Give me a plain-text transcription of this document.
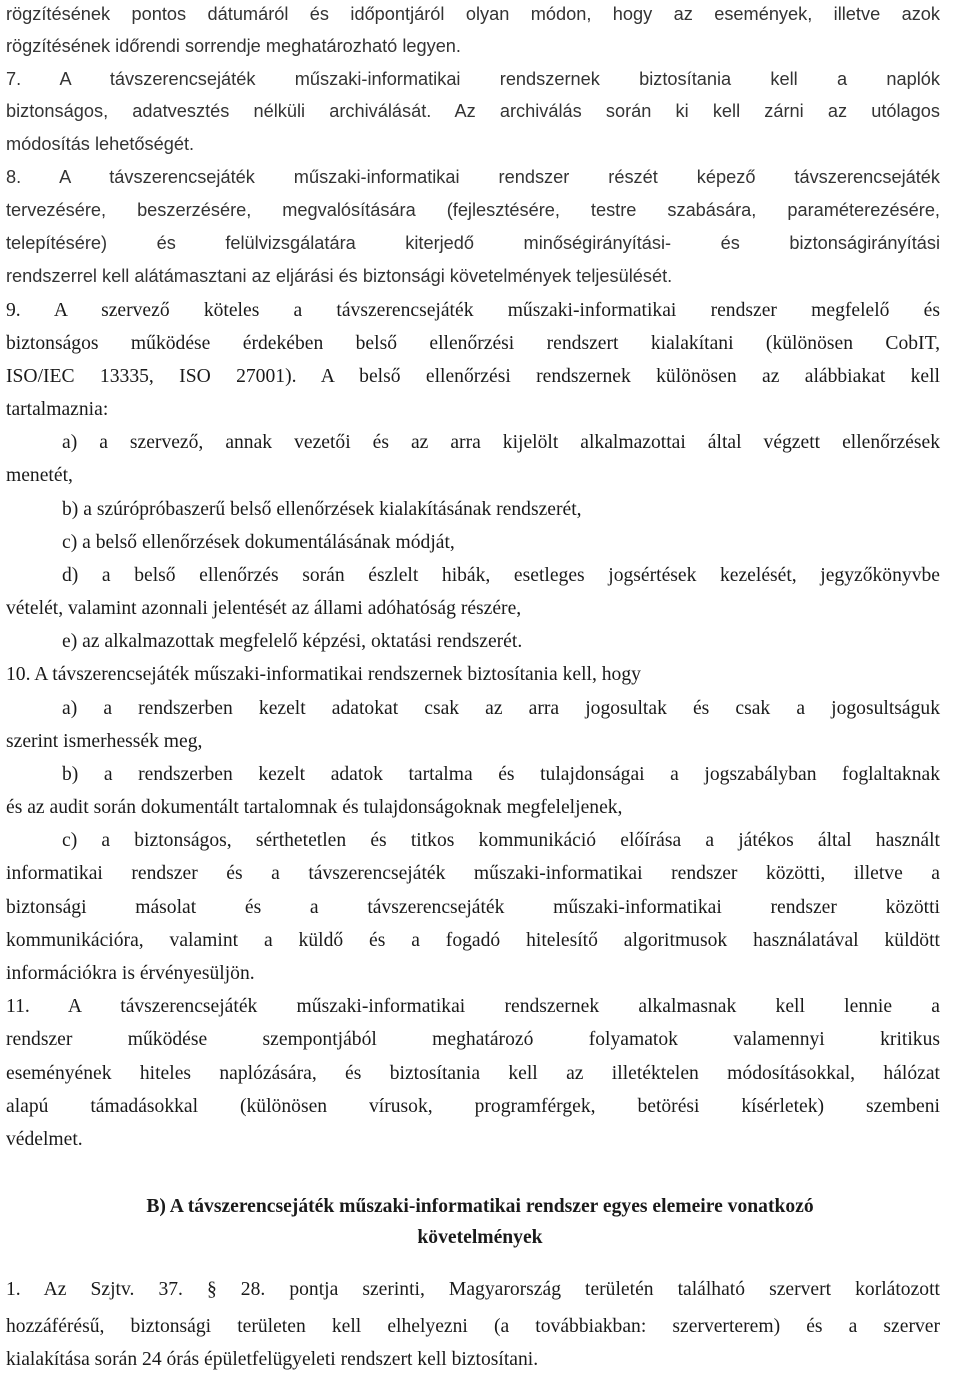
rögzítésének pontos dátumáról és időpontjáról olyan módon, hogy az események, illetve azok
rögzítésének időrendi sorrendje meghatározható legyen.
7. A távszerencsejáték műszaki-informatikai rendszernek biztosítania kell a naplók
biztonságos, adatvesztés nélküli archiválását. Az archiválás során ki kell zárni az utólagos
módosítás lehetőségét.
8. A távszerencsejáték műszaki-informatikai rendszer részét képező távszerencsejáték
tervezésére, beszerzésére, megvalósítására (fejlesztésére, testre szabására, paraméterezésére,
telepítésére) és felülvizsgálatára kiterjedő minőségirányítási- és biztonságirányítási
rendszerrel kell alátámasztani az eljárási és biztonsági követelmények teljesülését.
9. A szervező köteles a távszerencsejáték műszaki-informatikai rendszer megfelelő és
biztonságos működése érdekében belső ellenőrzési rendszert kialakítani (különösen CobIT,
ISO/IEC 13335, ISO 27001). A belső ellenőrzési rendszernek különösen az alábbiakat kell
tartalmaznia:
a) a szervező, annak vezetői és az arra kijelölt alkalmazottai által végzett ellenőrzések
menetét,
b) a szúrópróbaszerű belső ellenőrzések kialakításának rendszerét,
c) a belső ellenőrzések dokumentálásának módját,
d) a belső ellenőrzés során észlelt hibák, esetleges jogsértések kezelését, jegyzőkönyvbe
vételét, valamint azonnali jelentését az állami adóhatóság részére,
e) az alkalmazottak megfelelő képzési, oktatási rendszerét.
10. A távszerencsejáték műszaki-informatikai rendszernek biztosítania kell, hogy
a) a rendszerben kezelt adatokat csak az arra jogosultak és csak a jogosultságuk
szerint ismerhessék meg,
b) a rendszerben kezelt adatok tartalma és tulajdonságai a jogszabályban foglaltaknak
és az audit során dokumentált tartalomnak és tulajdonságoknak megfeleljenek,
c) a biztonságos, sérthetetlen és titkos kommunikáció előírása a játékos által használt
informatikai rendszer és a távszerencsejáték műszaki-informatikai rendszer közötti, illetve a
biztonsági másolat és a távszerencsejáték műszaki-informatikai rendszer közötti
kommunikációra, valamint a küldő és a fogadó hitelesítő algoritmusok használatával küldött
információkra is érvényesüljön.
11. A távszerencsejáték műszaki-informatikai rendszernek alkalmasnak kell lennie a
rendszer működése szempontjából meghatározó folyamatok valamennyi kritikus
eseményének hiteles naplózására, és biztosítania kell az illetéktelen módosításokkal, hálózat
alapú támadásokkal (különösen vírusok, programférgek, betörési kísérletek) szembeni
védelmet.
B) A távszerencsejáték műszaki-informatikai rendszer egyes elemeire vonatkozó
követelmények
1. Az Szjtv. 37. § 28. pontja szerinti, Magyarország területén található szervert korlátozott
hozzáférésű, biztonsági területen kell elhelyezni (a továbbiakban: szerverterem) és a szerver
kialakítása során 24 órás épületfelügyeleti rendszert kell biztosítani.
